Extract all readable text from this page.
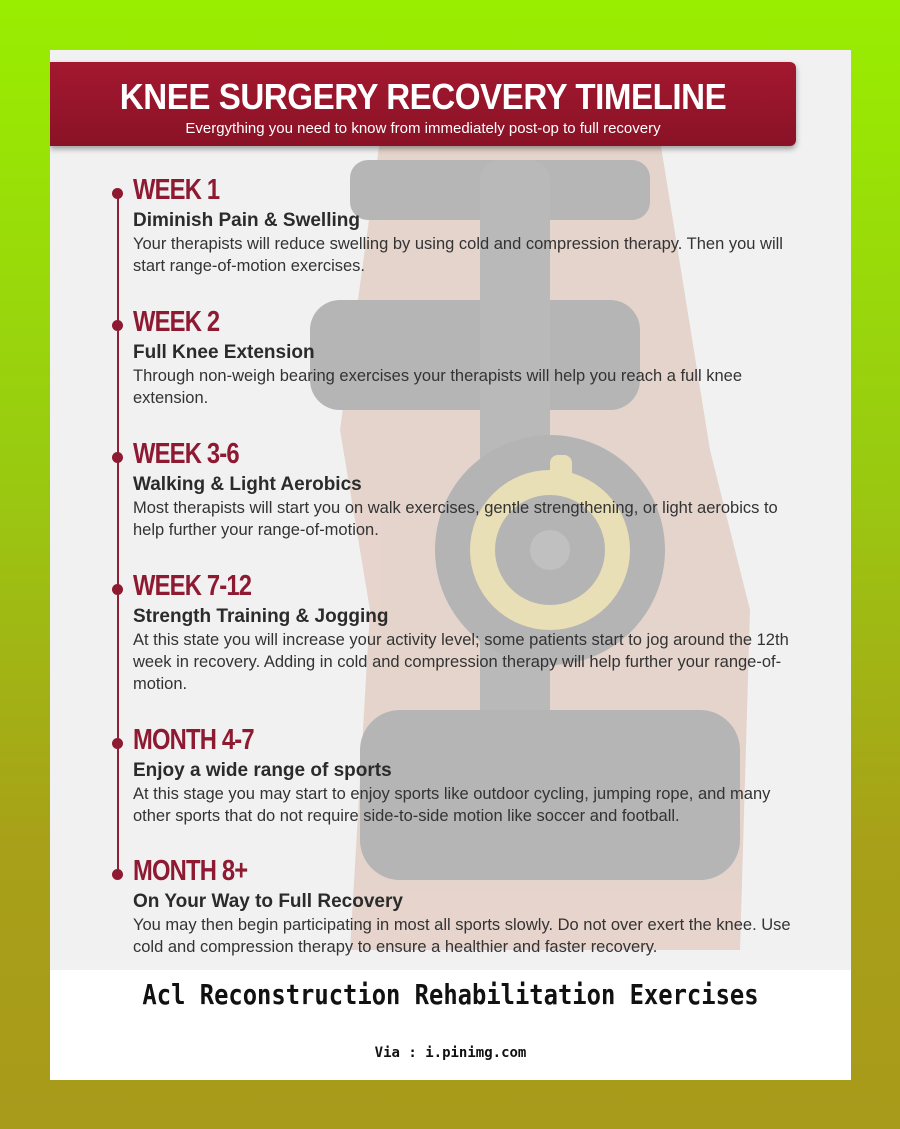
KNEE SURGERY RECOVERY TIMELINE
Evergything you need to know from immediately post-op to full recovery
WEEK 1
Diminish Pain & Swelling
Your therapists will reduce swelling by using cold and compression therapy. Then you will start range-of-motion exercises.
WEEK 2
Full Knee Extension
Through non-weigh bearing exercises your therapists will help you reach a full knee extension.
WEEK 3-6
Walking & Light Aerobics
Most therapists will start you on walk exercises, gentle strengthening, or light aerobics to help further your range-of-motion.
WEEK 7-12
Strength Training & Jogging
At this state you will increase your activity level; some patients start to jog around the 12th week in recovery. Adding in cold and compression therapy will help further your range-of-motion.
MONTH 4-7
Enjoy a wide range of sports
At this stage you may start to enjoy sports like outdoor cycling, jumping rope, and many other sports that do not require side-to-side motion like soccer and football.
MONTH 8+
On Your Way to Full Recovery
You may then begin participating in most all sports slowly. Do not over exert the knee. Use cold and compression therapy to ensure a healthier and faster recovery.
Acl Reconstruction Rehabilitation Exercises
Via : i.pinimg.com
